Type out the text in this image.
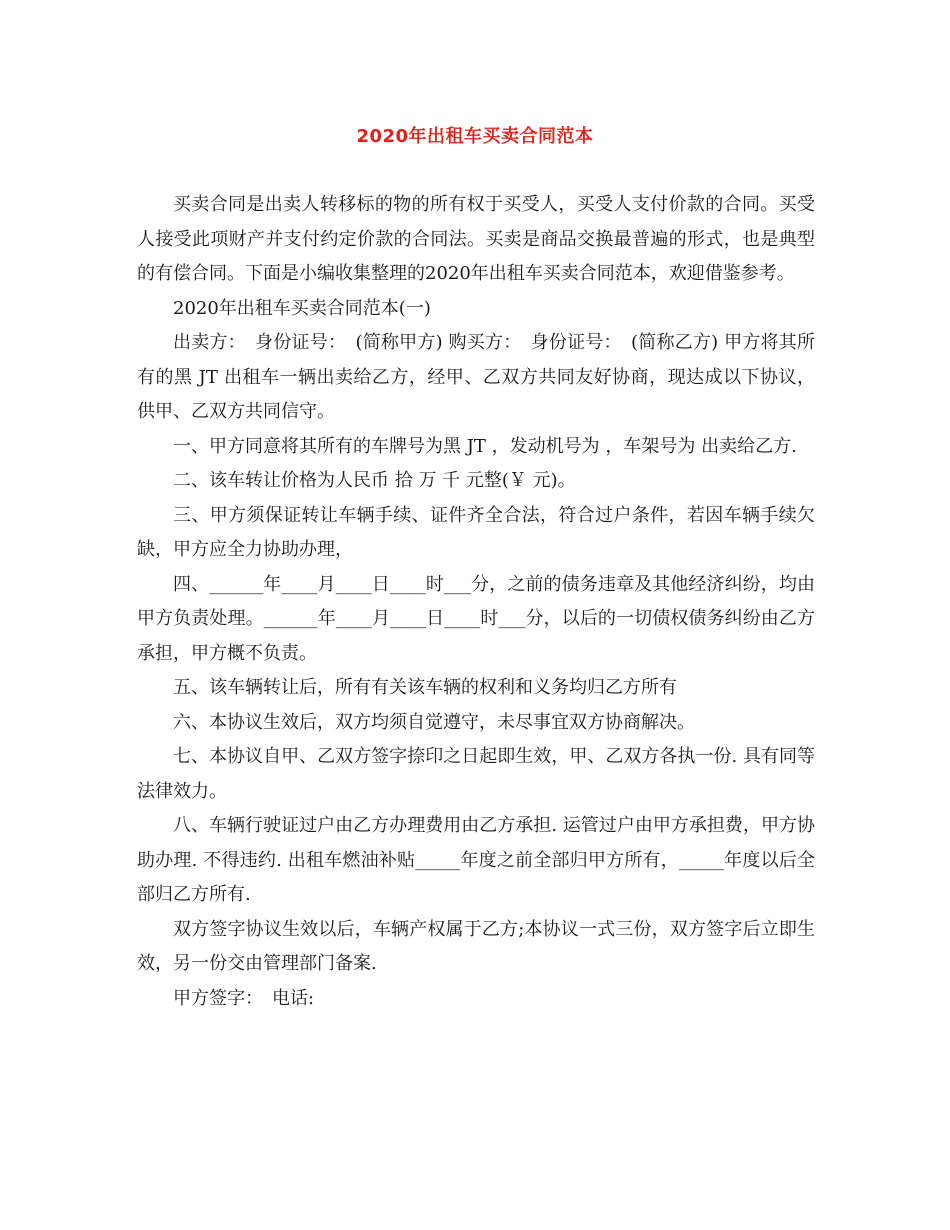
2020年出租车买卖合同范本

买卖合同是出卖人转移标的物的所有权于买受人，买受人支付价款的合同。买受人接受此项财产并支付约定价款的合同法。买卖是商品交换最普遍的形式，也是典型的有偿合同。下面是小编收集整理的2020年出租车买卖合同范本，欢迎借鉴参考。

2020年出租车买卖合同范本(一)

出卖方：　身份证号：　(简称甲方) 购买方：　身份证号：　(简称乙方) 甲方将其所有的黑 JT 出租车一辆出卖给乙方，经甲、乙双方共同友好协商，现达成以下协议，供甲、乙双方共同信守。

一、甲方同意将其所有的车牌号为黑 JT ，发动机号为 ，车架号为 出卖给乙方.

二、该车转让价格为人民币 拾 万 千 元整(￥ 元)。

三、甲方须保证转让车辆手续、证件齐全合法，符合过户条件，若因车辆手续欠缺，甲方应全力协助办理，

四、______年____月____日____时___分，之前的债务违章及其他经济纠纷，均由甲方负责处理。______年____月____日____时___分，以后的一切债权债务纠纷由乙方承担，甲方概不负责。

五、该车辆转让后，所有有关该车辆的权利和义务均归乙方所有

六、本协议生效后，双方均须自觉遵守，未尽事宜双方协商解决。

七、本协议自甲、乙双方签字捺印之日起即生效，甲、乙双方各执一份. 具有同等法律效力。

八、车辆行驶证过户由乙方办理费用由乙方承担. 运管过户由甲方承担费，甲方协助办理. 不得违约. 出租车燃油补贴_____年度之前全部归甲方所有，_____年度以后全部归乙方所有.

双方签字协议生效以后，车辆产权属于乙方;本协议一式三份，双方签字后立即生效，另一份交由管理部门备案.

甲方签字：　电话:
